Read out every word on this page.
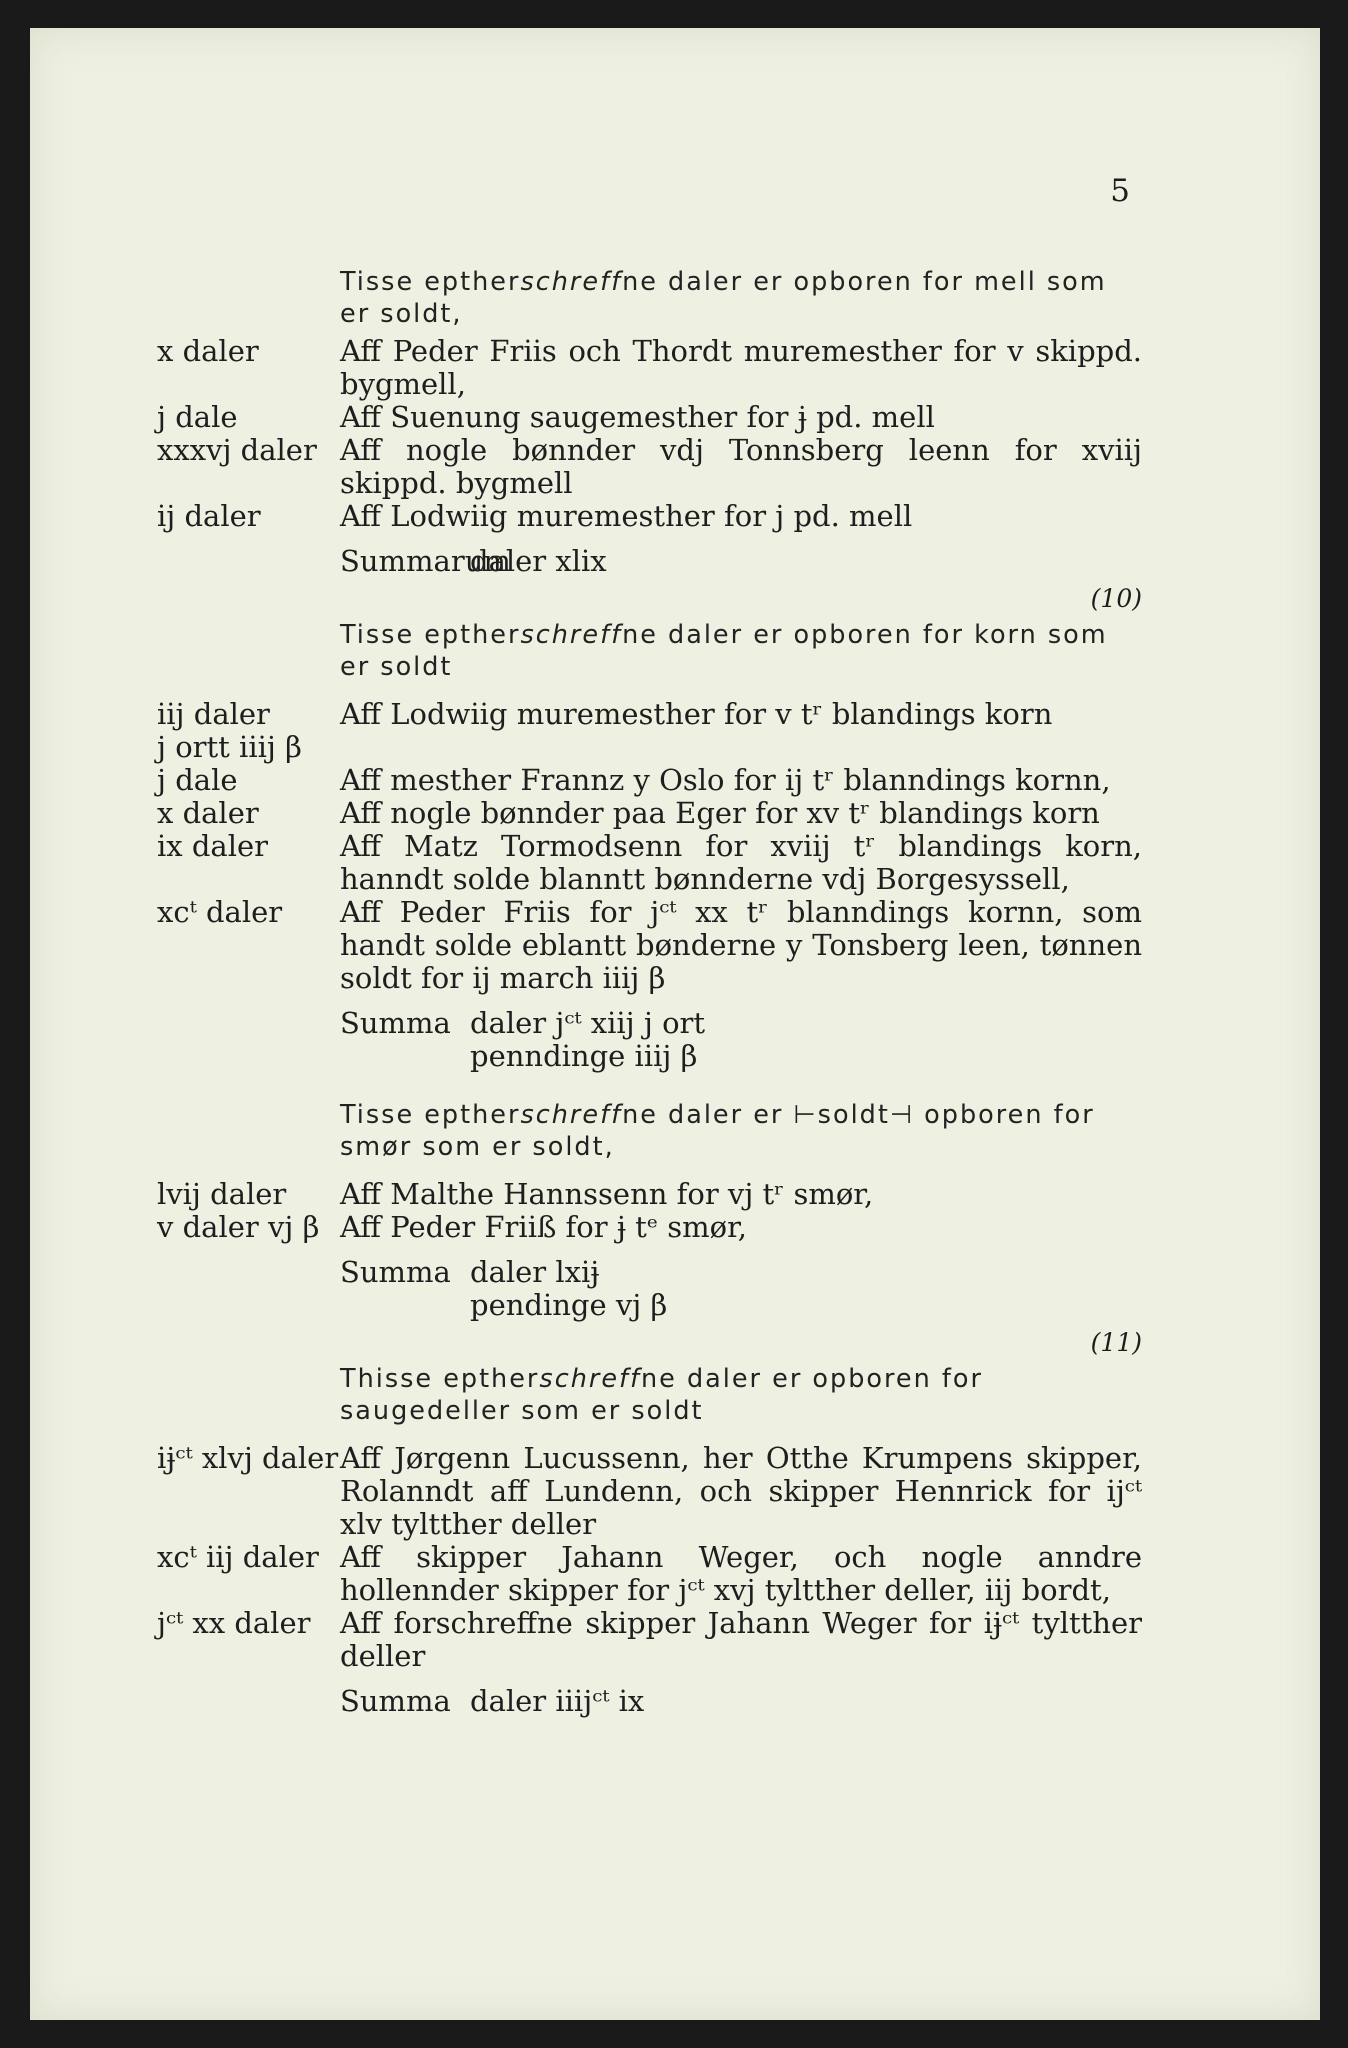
5
Tisse eptherschreffne daler er opboren for mell som er soldt,
x daler	Aff Peder Friis och Thordt muremesther for v skippd. bygmell,
j dale	Aff Suenung saugemesther for ɉ pd. mell
xxxvj daler Aff nogle bønnder vdj Tonnsberg leenn for xviij skippd. bygmell
ij daler	Aff Lodwiig muremesther for j pd. mell
Summarum
daler xlix
(10)
Tisse eptherschreffne daler er opboren for korn som er soldt
iij daler	Aff Lodwiig muremesther for v tʳ blandings korn
j ortt iiij β
j dale	Aff mesther Frannz y Oslo for ij tʳ blanndings kornn,
x daler	Aff nogle bønnder paa Eger for xv tʳ blandings korn
ix daler	Aff Matz Tormodsenn for xviij tʳ blandings korn, hanndt solde blanntt bønnderne vdj Borgesyssell,
xcᵗ daler	Aff Peder Friis for jᶜᵗ xx tʳ blanndings kornn, som handt solde eblantt bønderne y Tonsberg leen, tønnen soldt for ij march iiij β
Summa daler jᶜᵗ xiij j ort
penndinge iiij β
Tisse eptherschreffne daler er ⊢soldt⊣ opboren for smør som er soldt,
lvij daler	Aff Malthe Hannssenn for vj tʳ smør,
v daler vj β Aff Peder Friiß for ɉ tᵉ smør,
Summa daler lxiɉ
pendinge vj β
(11)
Thisse eptherschreffne daler er opboren for saugedeller som er soldt
iɉᶜᵗ xlvj daler Aff Jørgenn Lucussenn, her Otthe Krumpens skipper, Rolanndt aff Lundenn, och skipper Hennrick for ijᶜᵗ xlv tyltther deller
xcᵗ iij daler Aff skipper Jahann Weger, och nogle anndre hollennder skipper for jᶜᵗ xvj tyltther deller, iij bordt,
jᶜᵗ xx daler	Aff forschreffne skipper Jahann Weger for iɉᶜᵗ tyltther deller
Summa daler iiijᶜᵗ ix
